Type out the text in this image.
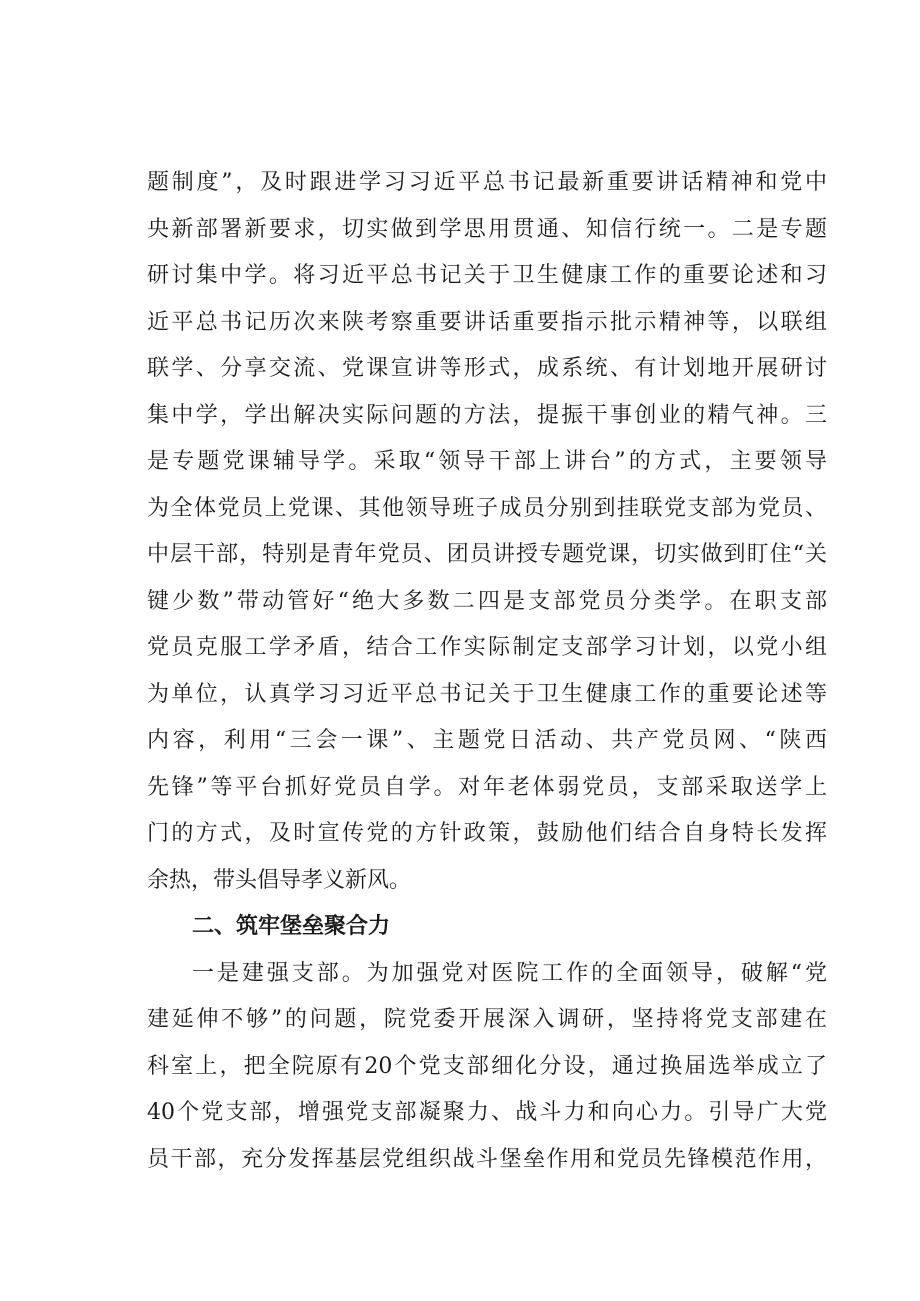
题制度”，及时跟进学习习近平总书记最新重要讲话精神和党中
央新部署新要求，切实做到学思用贯通、知信行统一。二是专题
研讨集中学。将习近平总书记关于卫生健康工作的重要论述和习
近平总书记历次来陕考察重要讲话重要指示批示精神等，以联组
联学、分享交流、党课宣讲等形式，成系统、有计划地开展研讨
集中学，学出解决实际问题的方法，提振干事创业的精气神。三
是专题党课辅导学。采取“领导干部上讲台”的方式，主要领导
为全体党员上党课、其他领导班子成员分别到挂联党支部为党员、
中层干部，特别是青年党员、团员讲授专题党课，切实做到盯住“关
键少数”带动管好“绝大多数二四是支部党员分类学。在职支部
党员克服工学矛盾，结合工作实际制定支部学习计划，以党小组
为单位，认真学习习近平总书记关于卫生健康工作的重要论述等
内容，利用“三会一课”、主题党日活动、共产党员网、“陕西
先锋”等平台抓好党员自学。对年老体弱党员，支部采取送学上
门的方式，及时宣传党的方针政策，鼓励他们结合自身特长发挥
余热，带头倡导孝义新风。
二、筑牢堡垒聚合力
一是建强支部。为加强党对医院工作的全面领导，破解“党
建延伸不够”的问题，院党委开展深入调研，坚持将党支部建在
科室上，把全院原有20个党支部细化分设，通过换届选举成立了
40个党支部，增强党支部凝聚力、战斗力和向心力。引导广大党
员干部，充分发挥基层党组织战斗堡垒作用和党员先锋模范作用，
